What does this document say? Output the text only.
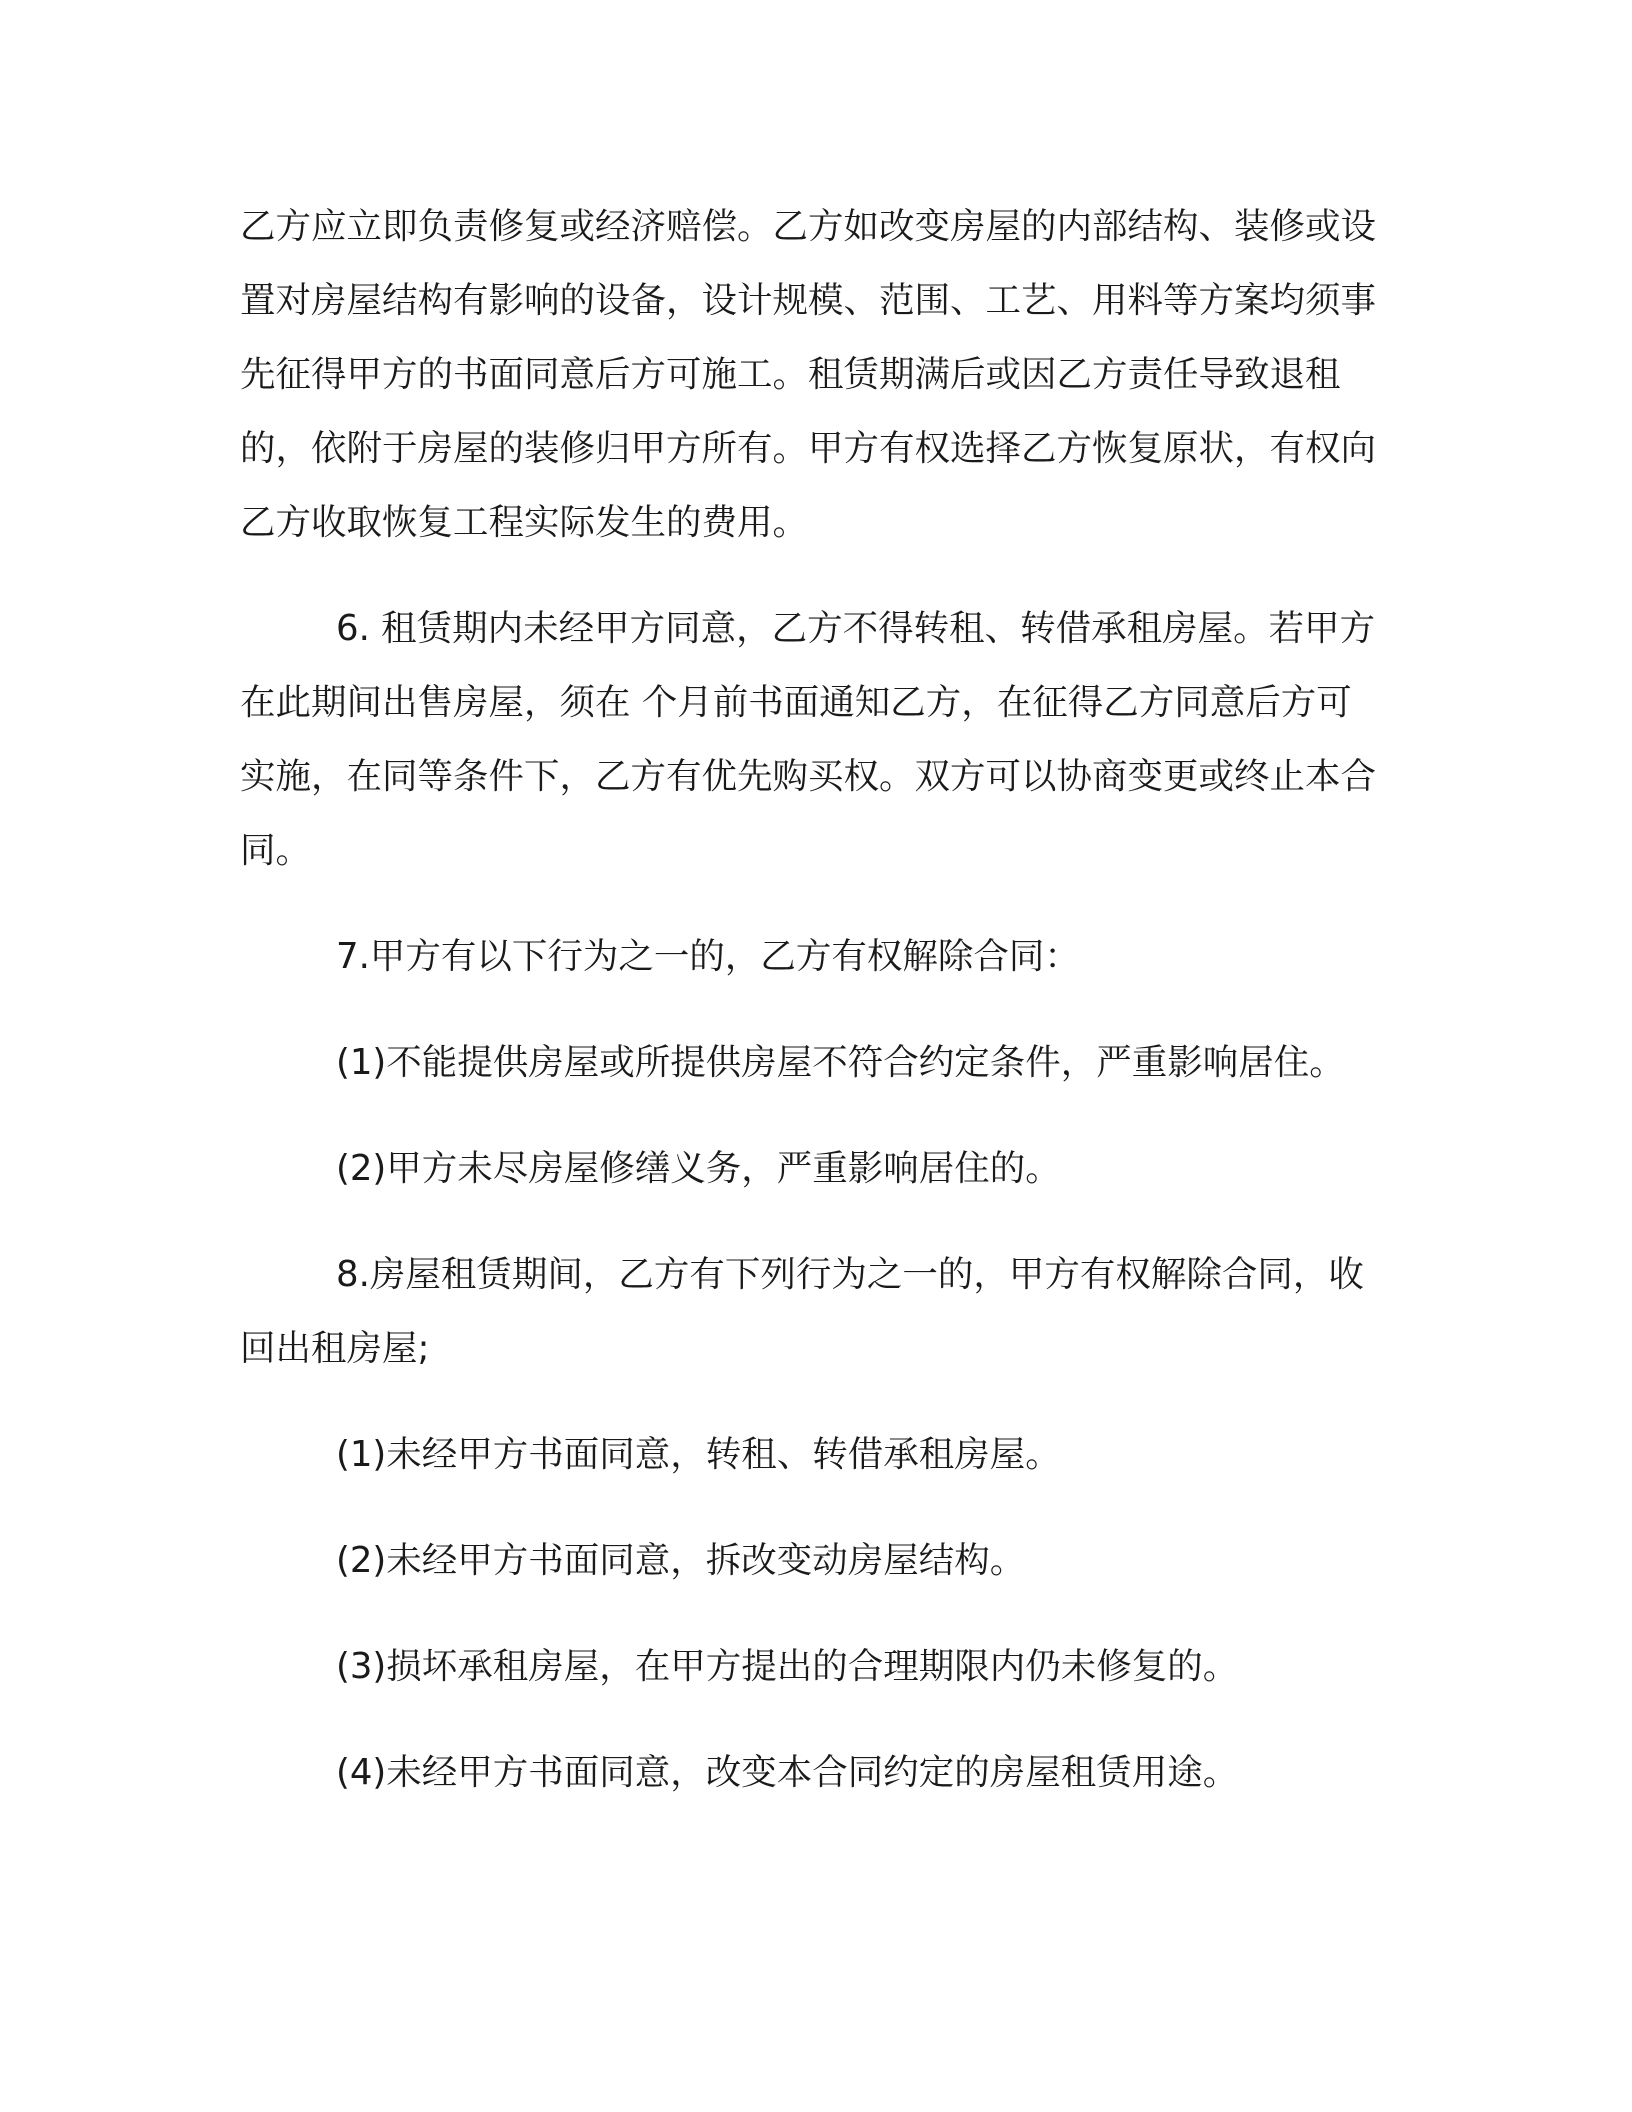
乙方应立即负责修复或经济赔偿。乙方如改变房屋的内部结构、装修或设置对房屋结构有影响的设备，设计规模、范围、工艺、用料等方案均须事先征得甲方的书面同意后方可施工。租赁期满后或因乙方责任导致退租的，依附于房屋的装修归甲方所有。甲方有权选择乙方恢复原状，有权向乙方收取恢复工程实际发生的费用。

6. 租赁期内未经甲方同意，乙方不得转租、转借承租房屋。若甲方在此期间出售房屋，须在 个月前书面通知乙方，在征得乙方同意后方可实施，在同等条件下，乙方有优先购买权。双方可以协商变更或终止本合同。

7.甲方有以下行为之一的，乙方有权解除合同：

(1)不能提供房屋或所提供房屋不符合约定条件，严重影响居住。

(2)甲方未尽房屋修缮义务，严重影响居住的。

8.房屋租赁期间，乙方有下列行为之一的，甲方有权解除合同，收回出租房屋;

(1)未经甲方书面同意，转租、转借承租房屋。

(2)未经甲方书面同意，拆改变动房屋结构。

(3)损坏承租房屋，在甲方提出的合理期限内仍未修复的。

(4)未经甲方书面同意，改变本合同约定的房屋租赁用途。
